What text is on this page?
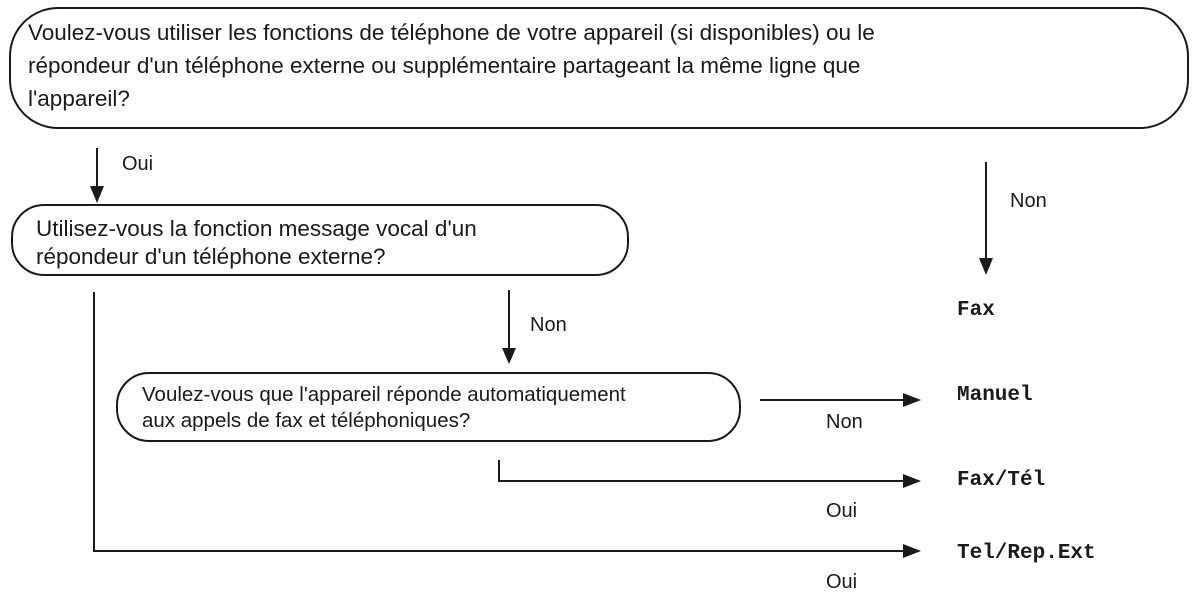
Voulez-vous utiliser les fonctions de téléphone de votre appareil (si disponibles) ou le
répondeur d'un téléphone externe ou supplémentaire partageant la même ligne que
l'appareil?
Oui
Non
Fax
Utilisez-vous la fonction message vocal d'un
répondeur d'un téléphone externe?
Non
Voulez-vous que l'appareil réponde automatiquement
aux appels de fax et téléphoniques?	Non
Manuel
Oui
Fax/Tél
Oui
Tel/Rep.Ext
